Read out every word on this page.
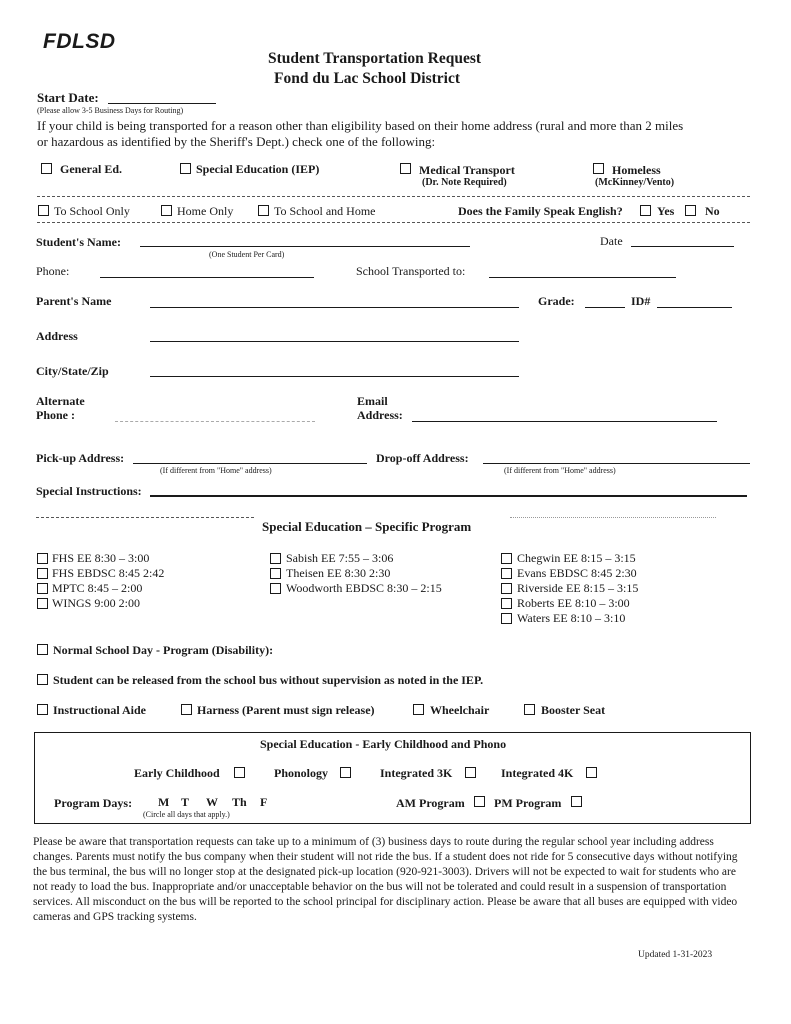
FDLSD
Student Transportation Request
Fond du Lac School District
Start Date:
(Please allow 3-5 Business Days for Routing)
If your child is being transported for a reason other than eligibility based on their home address (rural and more than 2 miles
or hazardous as identified by the Sheriff's Dept.) check one of the following:
General Ed.	Special Education (IEP)	Medical Transport
(Dr. Note Required)
Homeless
(McKinney/Vento)
To School Only	Home Only	To School and Home	Does the Family Speak English?	Yes	No
Student's Name:
(One Student Per Card)
Date
Phone:	School Transported to:
Parent's Name	Grade:	ID#
Address
City/State/Zip
Alternate
Phone :
Email
Address:
Pick-up Address:
(If different from "Home" address)
Drop-off Address:
(If different from "Home" address)
Special Instructions:
Special Education – Specific Program
FHS EE 8:30 – 3:00
FHS EBDSC 8:45 2:42
MPTC 8:45 – 2:00
WINGS 9:00 2:00
Sabish EE 7:55 – 3:06
Theisen EE 8:30 2:30
Woodworth EBDSC 8:30 – 2:15
Chegwin EE 8:15 – 3:15
Evans EBDSC 8:45 2:30
Riverside EE 8:15 – 3:15
Roberts EE 8:10 – 3:00
Waters EE 8:10 – 3:10
Normal School Day - Program (Disability):
Student can be released from the school bus without supervision as noted in the IEP.
Instructional Aide	Harness (Parent must sign release)	Wheelchair	Booster Seat
Special Education - Early Childhood and Phono
Early Childhood	Phonology	Integrated 3K	Integrated 4K
Program Days: M T W Th F
(Circle all days that apply.)
AM Program PM Program
Please be aware that transportation requests can take up to a minimum of (3) business days to route during the regular school year including address changes. Parents must notify the bus company when their student will not ride the bus. If a student does not ride for 5 consecutive days without notifying the bus terminal, the bus will no longer stop at the designated pick-up location (920-921-3003). Drivers will not be expected to wait for students who are not ready to load the bus. Inappropriate and/or unacceptable behavior on the bus will not be tolerated and could result in a suspension of transportation services. All misconduct on the bus will be reported to the school principal for disciplinary action. Please be aware that all buses are equipped with video cameras and GPS tracking systems.
Updated 1-31-2023
